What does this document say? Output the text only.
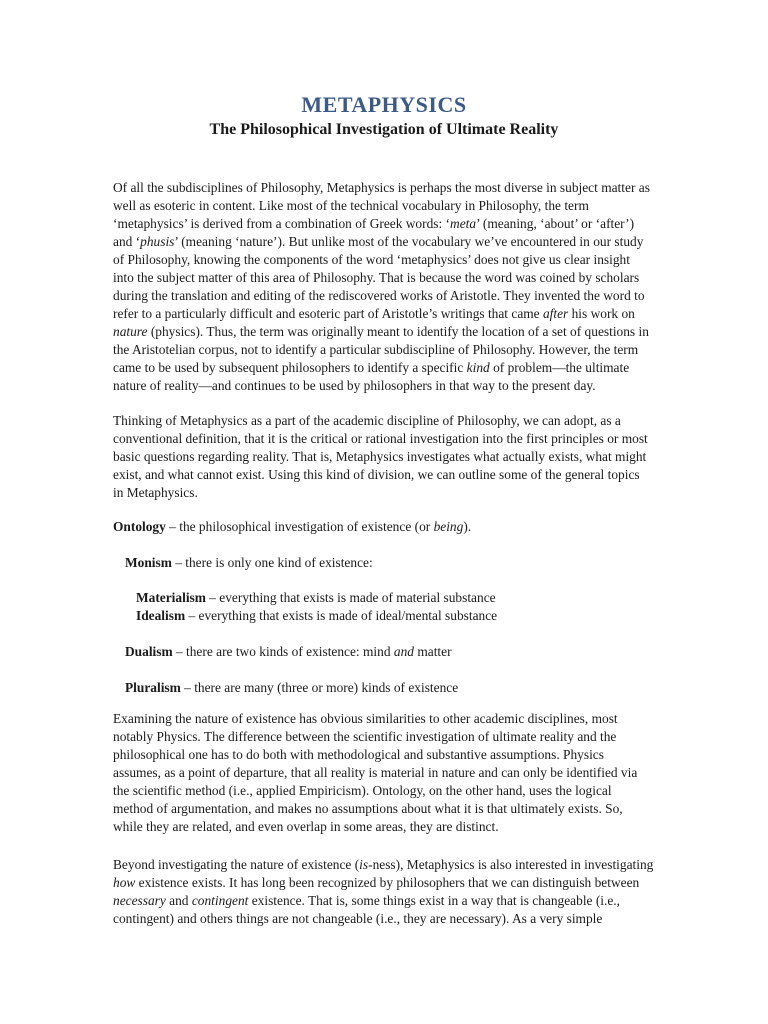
METAPHYSICS
The Philosophical Investigation of Ultimate Reality
Of all the subdisciplines of Philosophy, Metaphysics is perhaps the most diverse in subject matter as
well as esoteric in content. Like most of the technical vocabulary in Philosophy, the term
‘metaphysics’ is derived from a combination of Greek words: ‘meta’ (meaning, ‘about’ or ‘after’)
and ‘phusis’ (meaning ‘nature’). But unlike most of the vocabulary we’ve encountered in our study
of Philosophy, knowing the components of the word ‘metaphysics’ does not give us clear insight
into the subject matter of this area of Philosophy. That is because the word was coined by scholars
during the translation and editing of the rediscovered works of Aristotle. They invented the word to
refer to a particularly difficult and esoteric part of Aristotle’s writings that came after his work on
nature (physics). Thus, the term was originally meant to identify the location of a set of questions in
the Aristotelian corpus, not to identify a particular subdiscipline of Philosophy. However, the term
came to be used by subsequent philosophers to identify a specific kind of problem—the ultimate
nature of reality—and continues to be used by philosophers in that way to the present day.
Thinking of Metaphysics as a part of the academic discipline of Philosophy, we can adopt, as a
conventional definition, that it is the critical or rational investigation into the first principles or most
basic questions regarding reality. That is, Metaphysics investigates what actually exists, what might
exist, and what cannot exist. Using this kind of division, we can outline some of the general topics
in Metaphysics.
Ontology – the philosophical investigation of existence (or being).
Monism – there is only one kind of existence:
Materialism – everything that exists is made of material substance
Idealism – everything that exists is made of ideal/mental substance
Dualism – there are two kinds of existence: mind and matter
Pluralism – there are many (three or more) kinds of existence
Examining the nature of existence has obvious similarities to other academic disciplines, most
notably Physics. The difference between the scientific investigation of ultimate reality and the
philosophical one has to do both with methodological and substantive assumptions. Physics
assumes, as a point of departure, that all reality is material in nature and can only be identified via
the scientific method (i.e., applied Empiricism). Ontology, on the other hand, uses the logical
method of argumentation, and makes no assumptions about what it is that ultimately exists. So,
while they are related, and even overlap in some areas, they are distinct.
Beyond investigating the nature of existence (is-ness), Metaphysics is also interested in investigating
how existence exists. It has long been recognized by philosophers that we can distinguish between
necessary and contingent existence. That is, some things exist in a way that is changeable (i.e.,
contingent) and others things are not changeable (i.e., they are necessary). As a very simple
